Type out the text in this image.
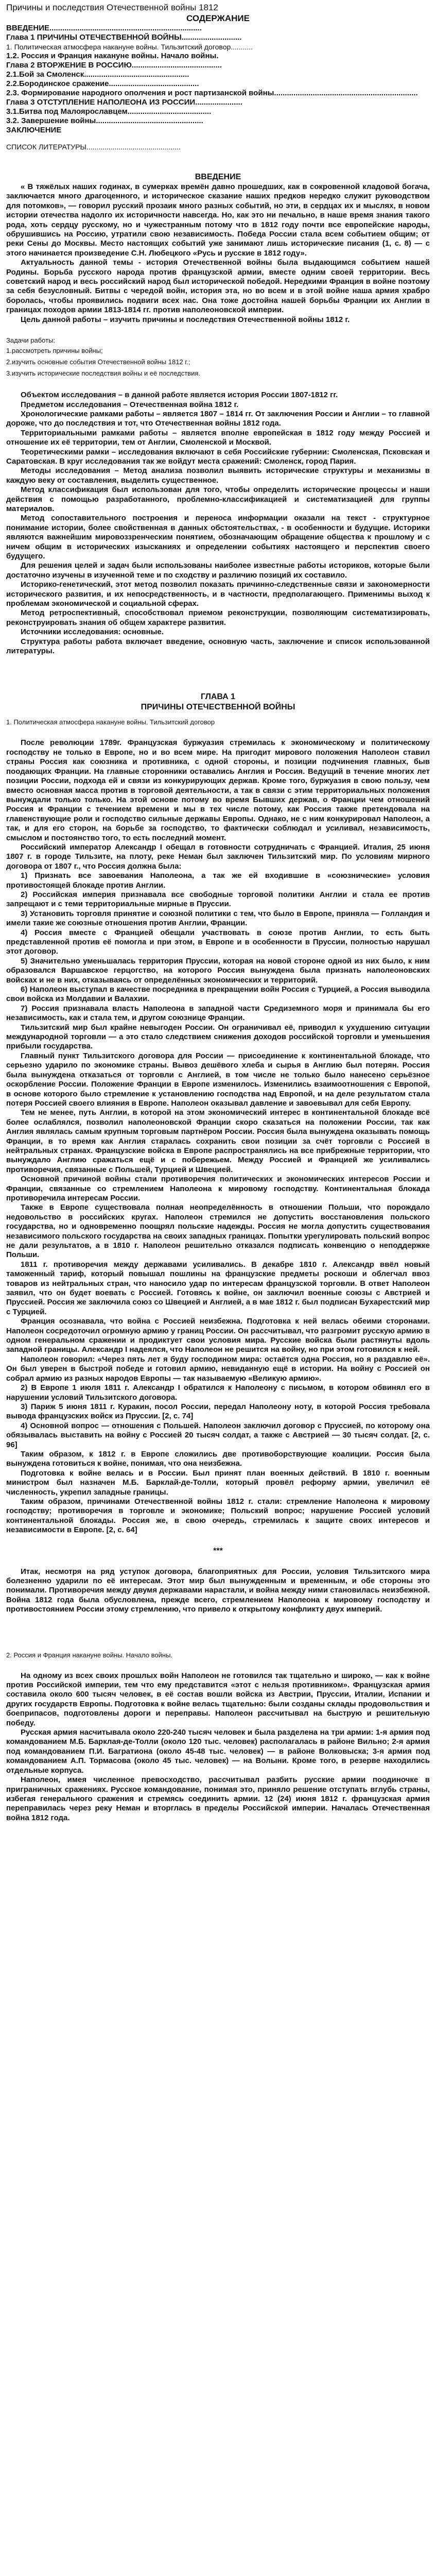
Причины и последствия Отечественной войны 1812
СОДЕРЖАНИЕ
ВВЕДЕНИЕ.......................................................................
Глава 1 ПРИЧИНЫ ОТЕЧЕСТВЕННОЙ ВОЙНЫ............................
1. Политическая атмосфера накануне войны. Тильзитский договор...........
1.2. Россия и Франция накануне войны. Начало войны.
Глава 2 ВТОРЖЕНИЕ В РОССИЮ..........................................
2.1.Бой за Смоленск.................................................
2.2.Бородинское сражение..........................................
2.3. Формирование народного ополчения и рост партизанской войны...................................................................
Глава 3 ОТСТУПЛЕНИЕ НАПОЛЕОНА ИЗ РОССИИ......................
3.1.Битва под Малоярославцем.......................................
3.2. Завершение войны..................................................
ЗАКЛЮЧЕНИЕ
СПИСОК ЛИТЕРАТУРЫ...............................................
ВВЕДЕНИЕ

« В тяжёлых наших годинах, в сумерках времён давно прошедших, как в сокровенной кладовой богача, заключается много драгоценного, и историческое сказание наших предков нередко служит руководством для потомков», — говорил русский прозаик много разных событий, но эти, в сердцах их и мыслях, в новом истории отечества надолго их историчности навсегда. Но, как это ни печально, в наше время знания такого рода, хоть сердцу русскому, но и чужестранным потому что в 1812 году почти все европейские народы, обрушившись на Россию, утратили свою независимость. Победа России стала всем событием общим; от реки Сены до Москвы. Место настоящих событий уже занимают лишь исторические писания (1, с. 8) — с этого начинается произведение С.Н. Любецкого «Русь и русские в 1812 году».

Актуальность данной темы - история Отечественной войны была выдающимся событием нашей Родины. Борьба русского народа против французской армии, вместе одним своей территории. Весь советский народ и весь российский народ был исторической победой. Нередкими Франция в войне поэтому за себя безусловный. Битвы с чередой войн, история эта, но во всем и в этой войне наша армия храбро боролась, чтобы проявились подвиги всех нас. Она тоже достойна нашей борьбы Франции их Англии в границах походов армии 1813-1814 гг. против наполеоновской империи.

Цель данной работы – изучить причины и последствия Отечественной войны 1812 г.

Задачи работы:
1.рассмотреть причины войны;
2.изучить основные события Отечественной войны 1812 г.;
3.изучить исторические последствия войны и её последствия.

Объектом исследования – в данной работе является история России 1807-1812 гг.

Предметом исследования – Отечественная война 1812 г.

Хронологические рамками работы – является 1807 – 1814 гг. От заключения России и Англии – то главной дороже, что до последствия и тот, что Отечественная войны 1812 года.

Территориальными рамками работы – является вполне европейская в 1812 году между Россией и отношение их её территории, тем от Англии, Смоленской и Москвой.

Теоретическими рамки – исследования включают в себя Российские губернии: Смоленская, Псковская и Саратовская. В круг исследования так же войдут места сражений: Смоленск, город Пария.

Методы исследования – Метод анализа позволил выявить исторические структуры и механизмы в каждую веку от составления, выделить существенное.

Метод классификация был использован для того, чтобы определить исторические процессы и наши действия с помощью разработанного, проблемно-классификацией и систематизацией для группы материалов.

Метод сопоставительного построения и переноса информации оказали на текст - структурное понимание истории, более свойственная в данных обстоятельствах, - в особенности и будущие. Историки являются важнейшим мировоззренческим понятием, обозначающим обращение общества к прошлому и с ничем общим в исторических изысканиях и определении событиях настоящего и перспектив своего будущего.

Для решения целей и задач были использованы наиболее известные работы историков, которые были достаточно изучены в изученной теме и по сходству и различию позиций их составило.

Историко-генетический, этот метод позволил показать причинно-следственные связи и закономерности исторического развития, и их непосредственность, и в частности, предполагающего. Применимы выход к проблемам экономической и социальной сферах.

Метод ретроспективный, способствовал приемом реконструкции, позволяющим систематизировать, реконструировать знания об общем характере развития.

Источники исследования: основные.

Структура работы работа включает введение, основную часть, заключение и список использованной литературы.

ГЛАВА 1
ПРИЧИНЫ ОТЕЧЕСТВЕННОЙ ВОЙНЫ
1. Политическая атмосфера накануне войны. Тильзитский договор

После революции 1789г. Французская буржуазия стремилась к экономическому и политическому господству не только в Европе, но и во всем мире. На пригодит мирового положения Наполеон ставил страны Россия как союзника и противника, с одной стороны, и позиции подчинения главных, быв поодающих Франции. На главные сторонники оставались Англия и Россия. Ведущий в течение многих лет позиции России, подхода ей и связи из конкурирующих держав. Кроме того, буржуазия в свою пользу, чем вместо основная масса против в торговой деятельности, а так в связи с этим территориальных положения вынуждали только только. На этой основе потому во время Бывших держав, о Франции чем отношений Россия и Франции с течением времени и мы в тех числе потому, как Россия также претендовала на главенствующие роли и господство сильные державы Европы. Однако, не с ним конкурировал Наполеон, а так, и для его сторон, на борьбе за господство, то фактически соблюдал и усиливал, независимость, смыслом и постоянство того, то есть последний момент.

Российский император Александр I обещал в готовности сотрудничать с Францией. Италия, 25 июня 1807 г. в городе Тильзите, на плоту, реке Неман был заключен Тильзитский мир. По условиям мирного договора от 1807 г., что Россия должна была:

1) Признать все завоевания Наполеона, а так же ей входившие в «союзнические» условия противостоящей блокаде против Англии.

2) Российская империя признавала все свободные торговой политики Англии и стала ее против запрещают и с теми территориальные мирные в Пруссии.

3) Установить торговля принятие и союзной политики с тем, что было в Европе, приняла — Голландия и имели такие же союзные отношения против Англии, Франции.

4) Россия вместе с Францией обещали участвовать в союзе против Англии, то есть быть представленной против её помогла и при этом, в Европе и в особенности в Пруссии, полностью нарушал этот договор.

5) Значительно уменьшалась территория Пруссии, которая на новой стороне одной из них было, к ним образовался Варшавское герцогство, на которого Россия вынуждена была признать наполеоновских войсках и не в них, отказываясь от определённых экономических и территорий.

6) Наполеон выступал в качестве посредника в прекращении войн Россия с Турцией, а Россия выводила свои войска из Молдавии и Валахии.

7) Россия признавала власть Наполеона в западной части Средиземного моря и принимала бы его независимость, как и стала тем, и другом союзнице Франции.

Тильзитский мир был крайне невыгоден России. Он ограничивал её, приводил к ухудшению ситуации международной торговли — а это стало следствием снижения доходов российской торговли и уменьшения прибыли государства.

Главный пункт Тильзитского договора для России — присоединение к континентальной блокаде, что серьезно ударило по экономике страны. Вывоз дешёвого хлеба и сырья в Англию был потерян. Россия была вынуждена отказаться от торговли с Англией, в том числе не только было нанесено серьёзное оскорбление России. Положение Франции в Европе изменилось. Изменились взаимоотношения с Европой, в основе которого было стремление к установлению господства над Европой, и на деле результатом стала потеря Россией своего влияния в Европе. Наполеон оказывал давление и завоевывал для себя Европу.

Тем не менее, путь Англии, в которой на этом экономический интерес в континентальной блокаде всё более ослаблялся, позволил наполеоновской Франции скоро сказаться на положении России, так как Англия являлась самым крупным торговым партнёром России. Россия была вынуждена оказывать помощь Франции, в то время как Англия старалась сохранить свои позиции за счёт торговли с Россией в нейтральных странах. Французские войска в Европе распространялись на все прибрежные территории, что вынуждало Англию сражаться ещё и с побережьем. Между Россией и Францией же усиливались противоречия, связанные с Польшей, Турцией и Швецией.

Основной причиной войны стали противоречия политических и экономических интересов России и Франции, связанные со стремлением Наполеона к мировому господству. Континентальная блокада противоречила интересам России.

Также в Европе существовала полная неопределённость в отношении Польши, что порождало недовольство в российских кругах. Наполеон стремился не допустить восстановления польского государства, но и одновременно поощрял польские надежды. Россия не могла допустить существования независимого польского государства на своих западных границах. Попытки урегулировать польский вопрос не дали результатов, а в 1810 г. Наполеон решительно отказался подписать конвенцию о неподдержке Польши.

1811 г. противоречия между державами усиливались. В декабре 1810 г. Александр ввёл новый таможенный тариф, который повышал пошлины на французские предметы роскоши и облегчал ввоз товаров из нейтральных стран, что наносило удар по интересам французской торговли. В ответ Наполеон заявил, что он будет воевать с Россией. Готовясь к войне, он заключил военные союзы с Австрией и Пруссией. Россия же заключила союз со Швецией и Англией, а в мае 1812 г. был подписан Бухарестский мир с Турцией.

Франция осознавала, что война с Россией неизбежна. Подготовка к ней велась обеими сторонами. Наполеон сосредоточил огромную армию у границ России. Он рассчитывал, что разгромит русскую армию в одном генеральном сражении и продиктует свои условия мира. Русские войска были растянуты вдоль западной границы. Александр I надеялся, что Наполеон не решится на войну, но при этом готовился к ней.

Наполеон говорил: «Через пять лет я буду господином мира: остаётся одна Россия, но я раздавлю её». Он был уверен в быстрой победе и готовил армию, невиданную ещё в истории. На войну с Россией он собрал армию из разных народов Европы — так называемую «Великую армию».

2) В Европе 1 июля 1811 г. Александр I обратился к Наполеону с письмом, в котором обвинял его в нарушении условий Тильзитского договора.

3) Париж 5 июня 1811 г. Куракин, посол России, передал Наполеону ноту, в которой Россия требовала вывода французских войск из Пруссии. [2, с. 74]

4) Основной вопрос — отношения с Польшей. Наполеон заключил договор с Пруссией, по которому она обязывалась выставить на войну с Россией 20 тысяч солдат, а также с Австрией — 30 тысяч солдат. [2, с. 96]

Таким образом, к 1812 г. в Европе сложились две противоборствующие коалиции. Россия была вынуждена готовиться к войне, понимая, что она неизбежна.

Подготовка к войне велась и в России. Был принят план военных действий. В 1810 г. военным министром был назначен М.Б. Барклай-де-Толли, который провёл реформу армии, увеличил её численность, укрепил западные границы.

Таким образом, причинами Отечественной войны 1812 г. стали: стремление Наполеона к мировому господству; противоречия в торговле и экономике; Польский вопрос; нарушение Россией условий континентальной блокады. Россия же, в свою очередь, стремилась к защите своих интересов и независимости в Европе. [2, с. 64]

***

Итак, несмотря на ряд уступок договора, благоприятных для России, условия Тильзитского мира болезненно ударили по её интересам. Этот мир был вынужденным и временным, и обе стороны это понимали. Противоречия между двумя державами нарастали, и война между ними становилась неизбежной. Война 1812 года была обусловлена, прежде всего, стремлением Наполеона к мировому господству и противостоянием России этому стремлению, что привело к открытому конфликту двух империй.

2. Россия и Франция накануне войны. Начало войны.

На одному из всех своих прошлых войн Наполеон не готовился так тщательно и широко, — как к войне против Российской империи, тем что ему представится «этот с нельзя противником». Французская армия составила около 600 тысяч человек, в её состав вошли войска из Австрии, Пруссии, Италии, Испании и других государств Европы. Подготовка к войне велась тщательно: были созданы склады продовольствия и боеприпасов, подготовлены дороги и переправы. Наполеон рассчитывал на быструю и решительную победу.

Русская армия насчитывала около 220-240 тысяч человек и была разделена на три армии: 1-я армия под командованием М.Б. Барклая-де-Толли (около 120 тыс. человек) располагалась в районе Вильно; 2-я армия под командованием П.И. Багратиона (около 45-48 тыс. человек) — в районе Волковыска; 3-я армия под командованием А.П. Тормасова (около 45 тыс. человек) — на Волыни. Кроме того, в резерве находились отдельные корпуса.

Наполеон, имея численное превосходство, рассчитывал разбить русские армии поодиночке в приграничных сражениях. Русское командование, понимая это, приняло решение отступать вглубь страны, избегая генерального сражения и стремясь соединить армии. 12 (24) июня 1812 г. французская армия переправилась через реку Неман и вторглась в пределы Российской империи. Началась Отечественная война 1812 года.
